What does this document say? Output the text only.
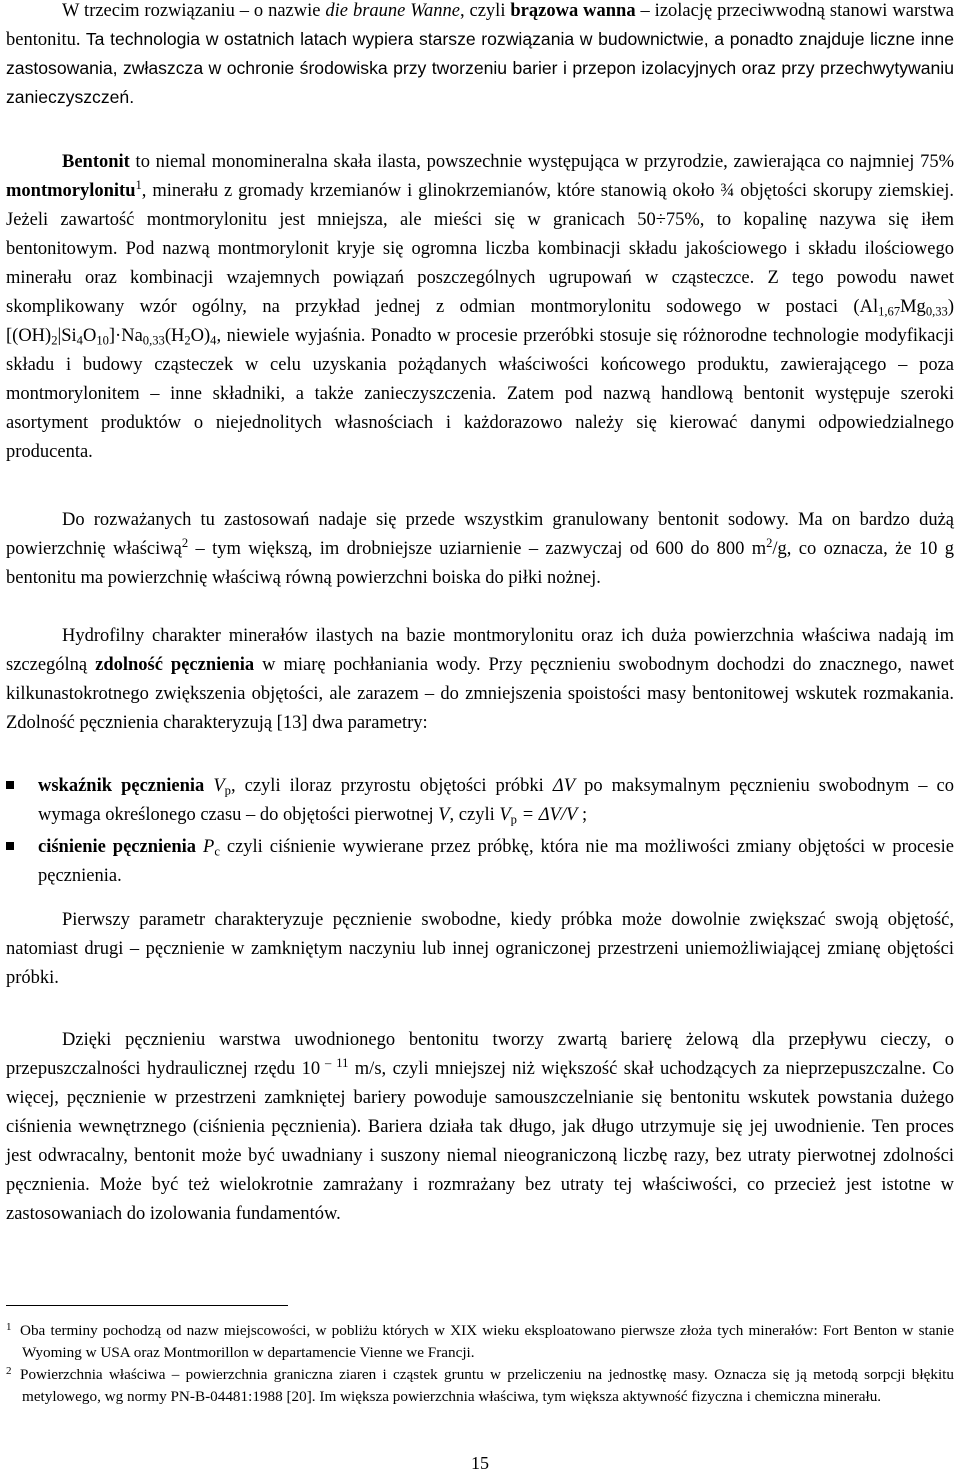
W trzecim rozwiązaniu – o nazwie die braune Wanne, czyli brązowa wanna – izolację przeciwwodną stanowi warstwa bentonitu. Ta technologia w ostatnich latach wypiera starsze rozwiązania w budownictwie, a ponadto znajduje liczne inne zastosowania, zwłaszcza w ochronie środowiska przy tworzeniu barier i przepon izolacyjnych oraz przy przechwytywaniu zanieczyszczeń.

Bentonit to niemal monomineralna skała ilasta, powszechnie występująca w przyrodzie, zawierająca co najmniej 75% montmorylonitu$^1$, minerału z gromady krzemianów i glinokrzemianów, które stanowią około ¾ objętości skorupy ziemskiej. Jeżeli zawartość montmorylonitu jest mniejsza, ale mieści się w granicach 50÷75%, to kopalinę nazywa się iłem bentonitowym. Pod nazwą montmorylonit kryje się ogromna liczba kombinacji składu jakościowego i składu ilościowego minerału oraz kombinacji wzajemnych powiązań poszczególnych ugrupowań w cząsteczce. Z tego powodu nawet skomplikowany wzór ogólny, na przykład jednej z odmian montmorylonitu sodowego w postaci $(Al_{1,67}Mg_{0,33})[(OH)_2|Si_4O_{10}]\cdot Na_{0,33}(H_2O)_4$, niewiele wyjaśnia. Ponadto w procesie przeróbki stosuje się różnorodne technologie modyfikacji składu i budowy cząsteczek w celu uzyskania pożądanych właściwości końcowego produktu, zawierającego – poza montmorylonitem – inne składniki, a także zanieczyszczenia. Zatem pod nazwą handlową bentonit występuje szeroki asortyment produktów o niejednolitych własnościach i każdorazowo należy się kierować danymi odpowiedzialnego producenta.

Do rozważanych tu zastosowań nadaje się przede wszystkim granulowany bentonit sodowy. Ma on bardzo dużą powierzchnię właściwą$^2$ – tym większą, im drobniejsze uziarnienie – zazwyczaj od 600 do 800 $m^2/g$, co oznacza, że 10 g bentonitu ma powierzchnię właściwą równą powierzchni boiska do piłki nożnej.

Hydrofilny charakter minerałów ilastych na bazie montmorylonitu oraz ich duża powierzchnia właściwa nadają im szczególną zdolność pęcznienia w miarę pochłaniania wody. Przy pęcznieniu swobodnym dochodzi do znacznego, nawet kilkunastokrotnego zwiększenia objętości, ale zarazem – do zmniejszenia spoistości masy bentonitowej wskutek rozmakania. Zdolność pęcznienia charakteryzują [13] dwa parametry:

wskaźnik pęcznienia $V_p$, czyli iloraz przyrostu objętości próbki ΔV po maksymalnym pęcznieniu swobodnym – co wymaga określonego czasu – do objętości pierwotnej V, czyli $V_p = \Delta V/V$ ;
ciśnienie pęcznienia $P_c$ czyli ciśnienie wywierane przez próbkę, która nie ma możliwości zmiany objętości w procesie pęcznienia.

Pierwszy parametr charakteryzuje pęcznienie swobodne, kiedy próbka może dowolnie zwiększać swoją objętość, natomiast drugi – pęcznienie w zamkniętym naczyniu lub innej ograniczonej przestrzeni uniemożliwiającej zmianę objętości próbki.

Dzięki pęcznieniu warstwa uwodnionego bentonitu tworzy zwartą barierę żelową dla przepływu cieczy, o przepuszczalności hydraulicznej rzędu 10 $^{- 11}$ m/s, czyli mniejszej niż większość skał uchodzących za nieprzepuszczalne. Co więcej, pęcznienie w przestrzeni zamkniętej bariery powoduje samouszczelnianie się bentonitu wskutek powstania dużego ciśnienia wewnętrznego (ciśnienia pęcznienia). Bariera działa tak długo, jak długo utrzymuje się jej uwodnienie. Ten proces jest odwracalny, bentonit może być uwadniany i suszony niemal nieograniczoną liczbę razy, bez utraty pierwotnej zdolności pęcznienia. Może być też wielokrotnie zamrażany i rozmrażany bez utraty tej właściwości, co przecież jest istotne w zastosowaniach do izolowania fundamentów.

1 Oba terminy pochodzą od nazw miejscowości, w pobliżu których w XIX wieku eksploatowano pierwsze złoża tych minerałów: Fort Benton w stanie Wyoming w USA oraz Montmorillon w departamencie Vienne we Francji.
2 Powierzchnia właściwa – powierzchnia graniczna ziaren i cząstek gruntu w przeliczeniu na jednostkę masy. Oznacza się ją metodą sorpcji błękitu metylowego, wg normy PN-B-04481:1988 [20]. Im większa powierzchnia właściwa, tym większa aktywność fizyczna i chemiczna minerału.
15
